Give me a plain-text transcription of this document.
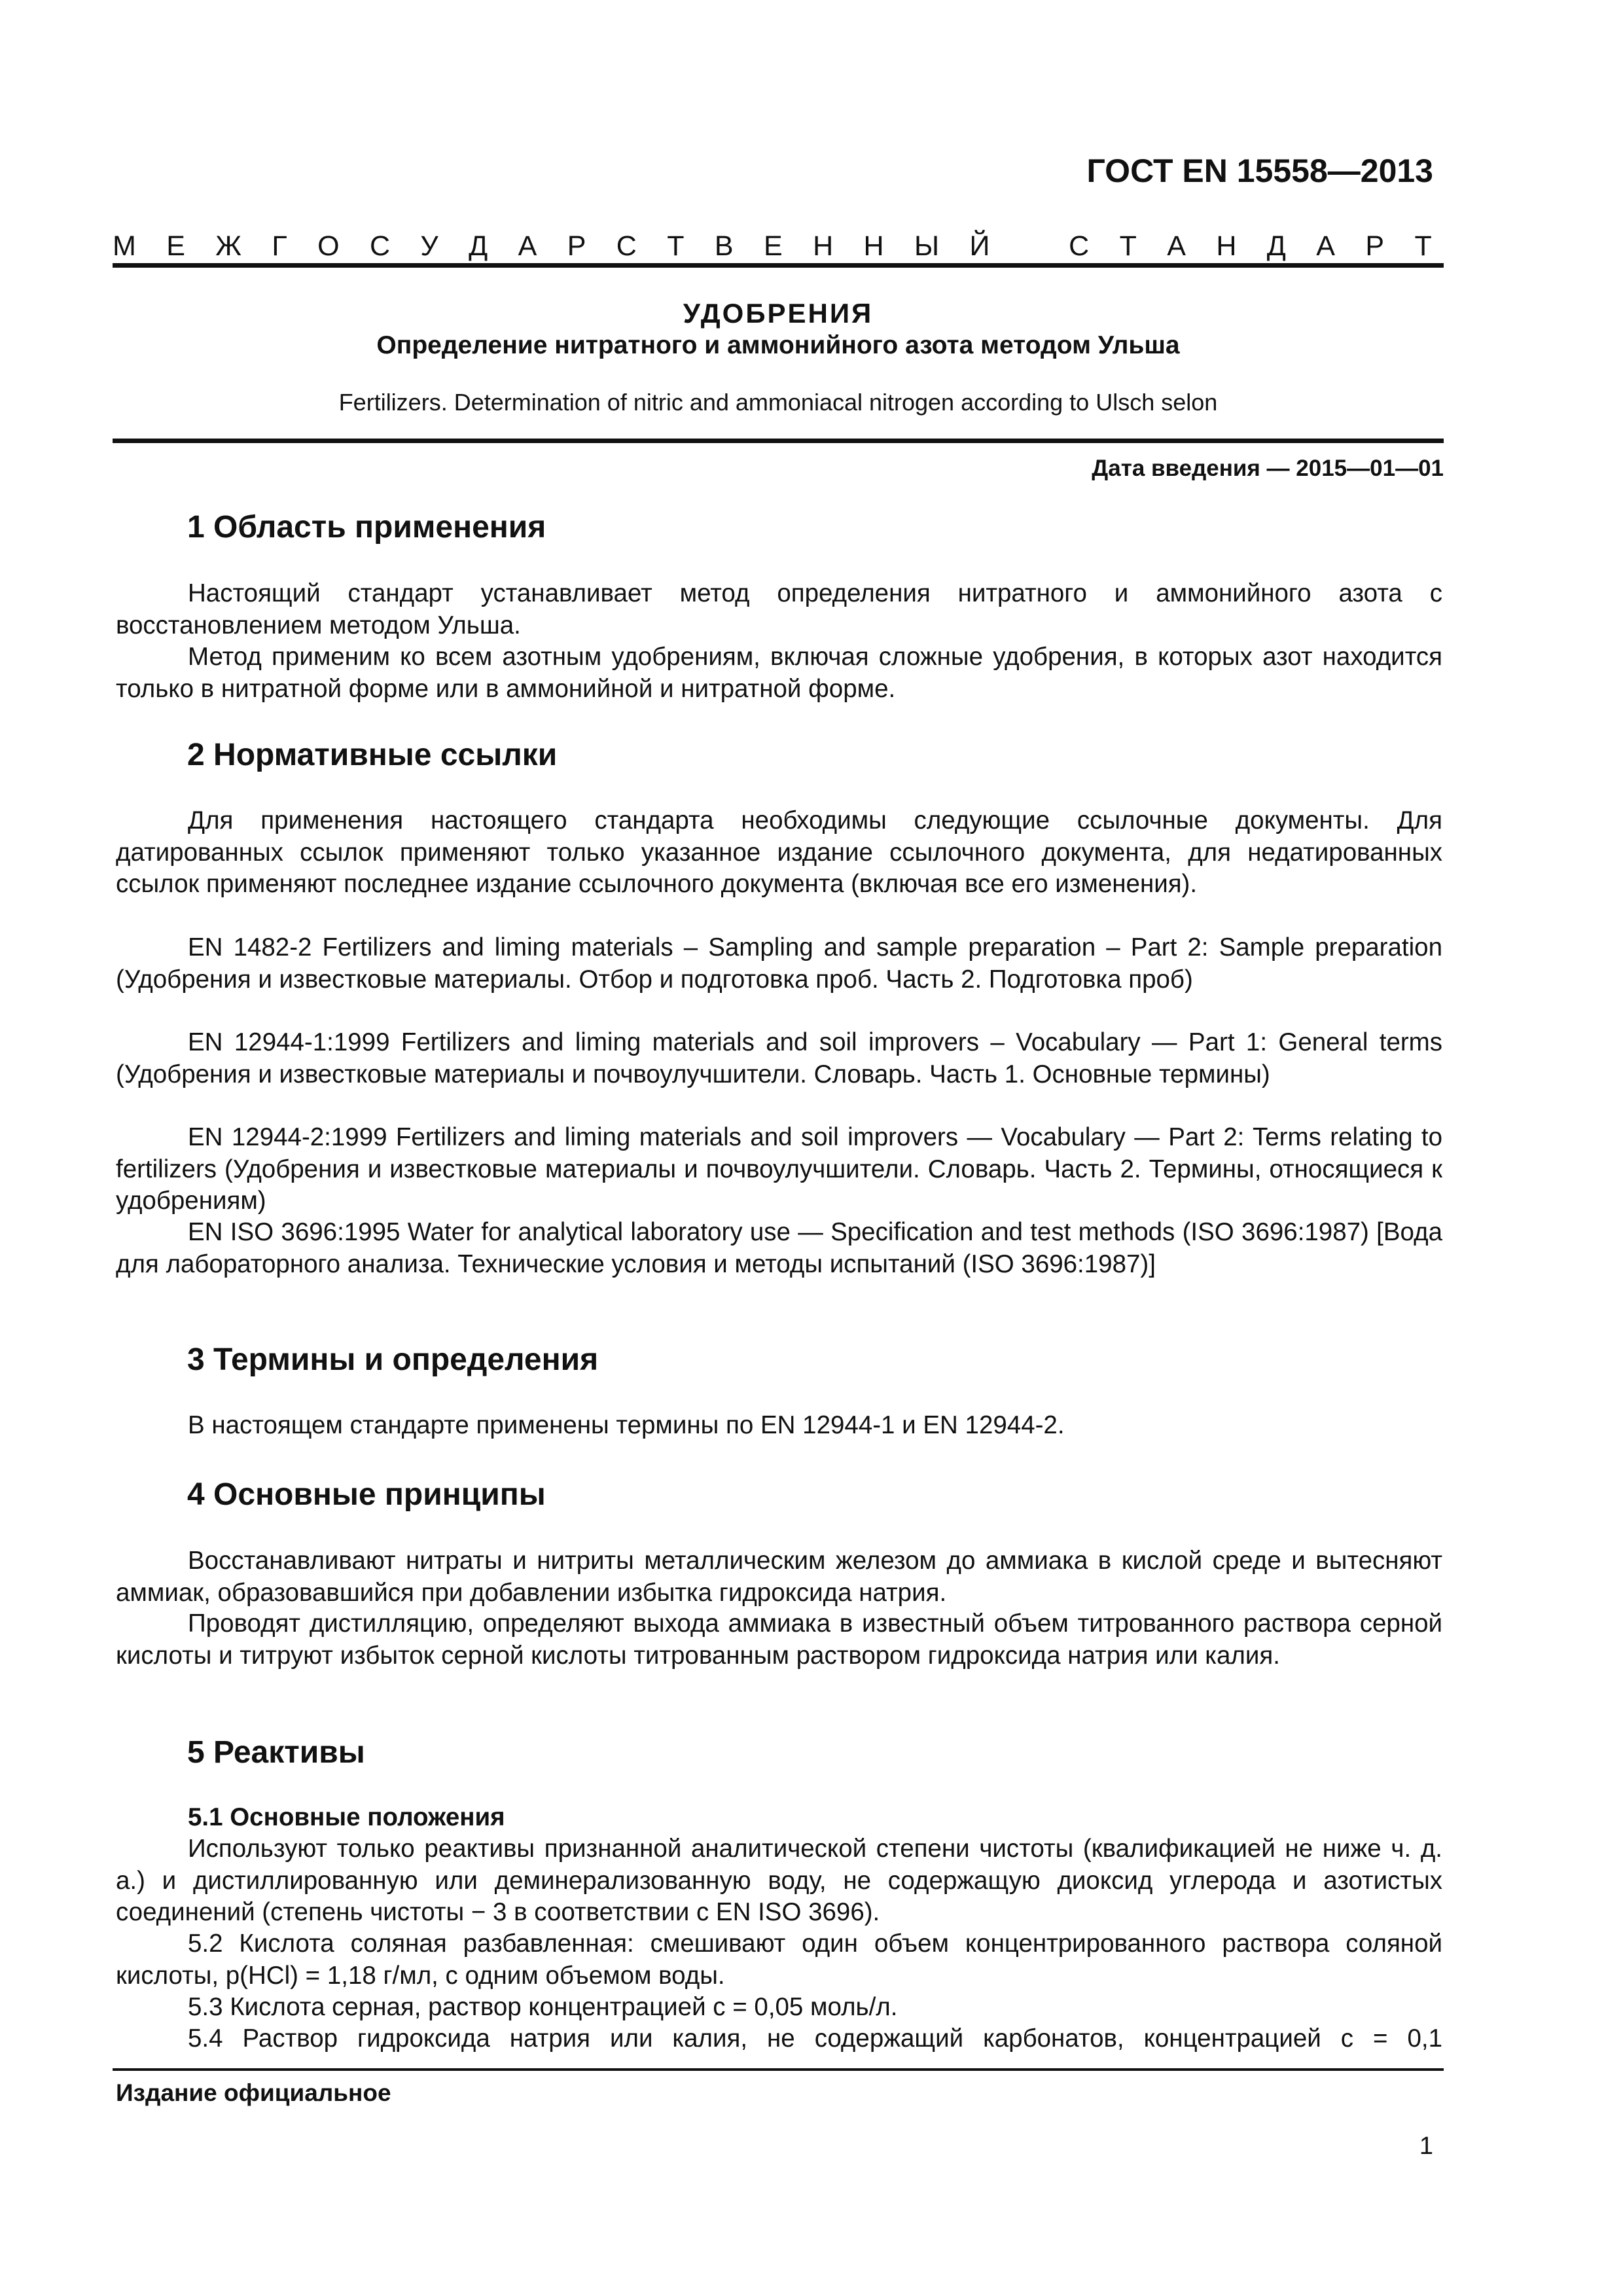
ГОСТ EN 15558—2013
М Е Ж Г О С У Д А Р С Т В Е Н Н Ы Й	С Т А Н Д А Р Т
УДОБРЕНИЯ
Определение нитратного и аммонийного азота методом Ульша
Fertilizers. Determination of nitric and ammoniacal nitrogen according to Ulsch selon
Дата введения — 2015—01—01
1 Область применения
Настоящий стандарт устанавливает метод определения нитратного и аммонийного азота с восстановлением методом Ульша.
Метод применим ко всем азотным удобрениям, включая сложные удобрения, в которых азот находится только в нитратной форме или в аммонийной и нитратной форме.
2 Нормативные ссылки
Для применения настоящего стандарта необходимы следующие ссылочные документы. Для датированных ссылок применяют только указанное издание ссылочного документа, для недатированных ссылок применяют последнее издание ссылочного документа (включая все его изменения).
EN 1482-2 Fertilizers and liming materials – Sampling and sample preparation – Part 2: Sample preparation (Удобрения и известковые материалы. Отбор и подготовка проб. Часть 2. Подготовка проб)
EN 12944-1:1999 Fertilizers and liming materials and soil improvers – Vocabulary — Part 1: General terms (Удобрения и известковые материалы и почвоулучшители. Словарь. Часть 1. Основные термины)
EN 12944-2:1999 Fertilizers and liming materials and soil improvers — Vocabulary — Part 2: Terms relating to fertilizers (Удобрения и известковые материалы и почвоулучшители. Словарь. Часть 2. Термины, относящиеся к удобрениям)
EN ISO 3696:1995 Water for analytical laboratory use — Specification and test methods (ISO 3696:1987) [Вода для лабораторного анализа. Технические условия и методы испытаний (ISO 3696:1987)]
3 Термины и определения
В настоящем стандарте применены термины по EN 12944-1 и EN 12944-2.
4 Основные принципы
Восстанавливают нитраты и нитриты металлическим железом до аммиака в кислой среде и вытесняют аммиак, образовавшийся при добавлении избытка гидроксида натрия.
Проводят дистилляцию, определяют выхода аммиака в известный объем титрованного раствора серной кислоты и титруют избыток серной кислоты титрованным раствором гидроксида натрия или калия.
5 Реактивы
5.1 Основные положения
Используют только реактивы признанной аналитической степени чистоты (квалификацией не ниже ч. д. а.) и дистиллированную или деминерализованную воду, не содержащую диоксид углерода и азотистых соединений (степень чистоты − 3 в соответствии с EN ISO 3696).
5.2 Кислота соляная разбавленная: смешивают один объем концентрированного раствора соляной кислоты, p(HCl) = 1,18 г/мл, с одним объемом воды.
5.3 Кислота серная, раствор концентрацией c = 0,05 моль/л.
5.4 Раствор гидроксида натрия или калия, не содержащий карбонатов, концентрацией c = 0,1
Издание официальное
1
